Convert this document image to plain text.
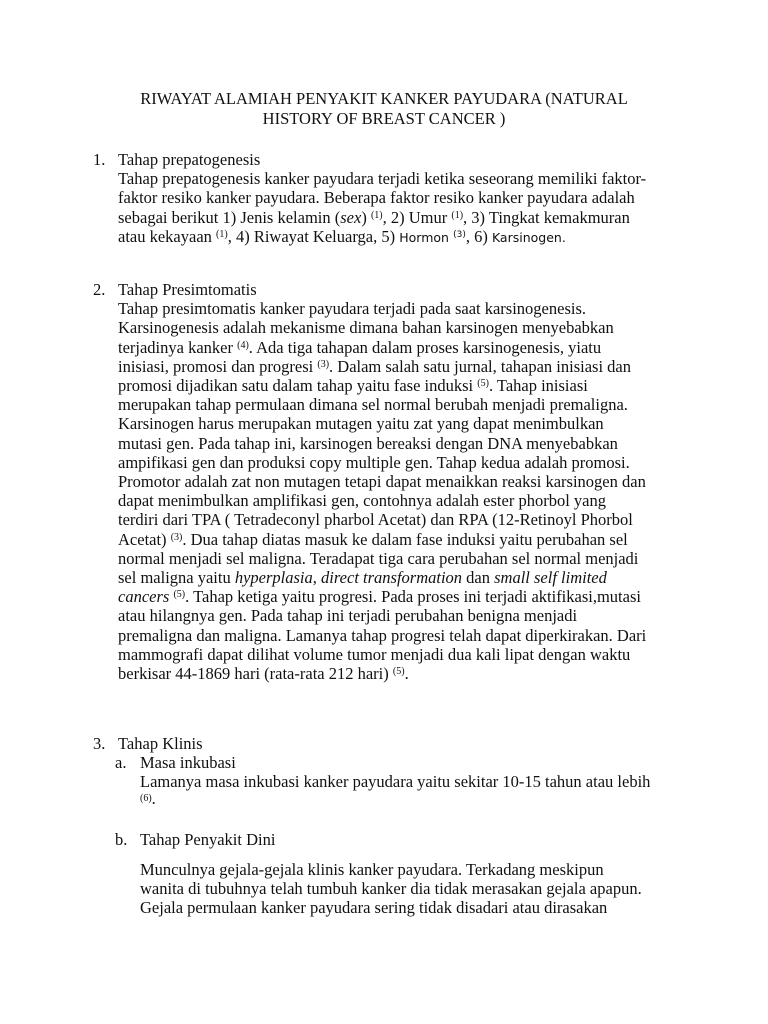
RIWAYAT ALAMIAH PENYAKIT KANKER PAYUDARA (NATURAL
HISTORY OF BREAST CANCER )
1. Tahap prepatogenesis
Tahap prepatogenesis kanker payudara terjadi ketika seseorang memiliki faktor-
faktor resiko kanker payudara. Beberapa faktor resiko kanker payudara adalah
sebagai berikut 1) Jenis kelamin (sex) $^{(1)}$, 2) Umur $^{(1)}$, 3) Tingkat kemakmuran
atau kekayaan $^{(1)}$, 4) Riwayat Keluarga, 5) Hormon $^{(3)}$, 6) Karsinogen.
2. Tahap Presimtomatis
Tahap presimtomatis kanker payudara terjadi pada saat karsinogenesis.
Karsinogenesis adalah mekanisme dimana bahan karsinogen menyebabkan
terjadinya kanker $^{(4)}$. Ada tiga tahapan dalam proses karsinogenesis, yiatu
inisiasi, promosi dan progresi $^{(3)}$. Dalam salah satu jurnal, tahapan inisiasi dan
promosi dijadikan satu dalam tahap yaitu fase induksi $^{(5)}$. Tahap inisiasi
merupakan tahap permulaan dimana sel normal berubah menjadi premaligna.
Karsinogen harus merupakan mutagen yaitu zat yang dapat menimbulkan
mutasi gen. Pada tahap ini, karsinogen bereaksi dengan DNA menyebabkan
ampifikasi gen dan produksi copy multiple gen. Tahap kedua adalah promosi.
Promotor adalah zat non mutagen tetapi dapat menaikkan reaksi karsinogen dan
dapat menimbulkan amplifikasi gen, contohnya adalah ester phorbol yang
terdiri dari TPA ( Tetradeconyl pharbol Acetat) dan RPA (12-Retinoyl Phorbol
Acetat) $^{(3)}$. Dua tahap diatas masuk ke dalam fase induksi yaitu perubahan sel
normal menjadi sel maligna. Teradapat tiga cara perubahan sel normal menjadi
sel maligna yaitu hyperplasia, direct transformation dan small self limited
cancers $^{(5)}$. Tahap ketiga yaitu progresi. Pada proses ini terjadi aktifikasi,mutasi
atau hilangnya gen. Pada tahap ini terjadi perubahan benigna menjadi
premaligna dan maligna. Lamanya tahap progresi telah dapat diperkirakan. Dari
mammografi dapat dilihat volume tumor menjadi dua kali lipat dengan waktu
berkisar 44-1869 hari (rata-rata 212 hari) $^{(5)}$.
3. Tahap Klinis
a. Masa inkubasi
Lamanya masa inkubasi kanker payudara yaitu sekitar 10-15 tahun atau lebih
$^{(6)}$.
b. Tahap Penyakit Dini
Munculnya gejala-gejala klinis kanker payudara. Terkadang meskipun
wanita di tubuhnya telah tumbuh kanker dia tidak merasakan gejala apapun.
Gejala permulaan kanker payudara sering tidak disadari atau dirasakan
